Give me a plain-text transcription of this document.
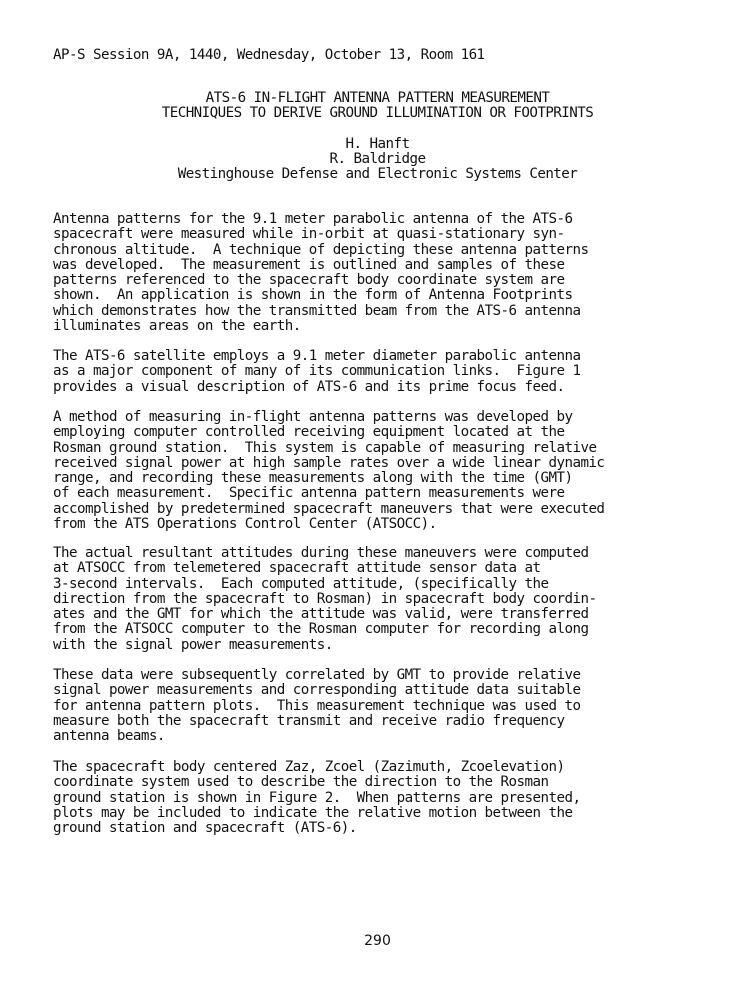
AP-S Session 9A, 1440, Wednesday, October 13, Room 161
ATS-6 IN-FLIGHT ANTENNA PATTERN MEASUREMENT
TECHNIQUES TO DERIVE GROUND ILLUMINATION OR FOOTPRINTS
H. Hanft
R. Baldridge
Westinghouse Defense and Electronic Systems Center
Antenna patterns for the 9.1 meter parabolic antenna of the ATS-6
spacecraft were measured while in-orbit at quasi-stationary syn-
chronous altitude.  A technique of depicting these antenna patterns
was developed.  The measurement is outlined and samples of these
patterns referenced to the spacecraft body coordinate system are
shown.  An application is shown in the form of Antenna Footprints
which demonstrates how the transmitted beam from the ATS-6 antenna
illuminates areas on the earth.
The ATS-6 satellite employs a 9.1 meter diameter parabolic antenna
as a major component of many of its communication links.  Figure 1
provides a visual description of ATS-6 and its prime focus feed.
A method of measuring in-flight antenna patterns was developed by
employing computer controlled receiving equipment located at the
Rosman ground station.  This system is capable of measuring relative
received signal power at high sample rates over a wide linear dynamic
range, and recording these measurements along with the time (GMT)
of each measurement.  Specific antenna pattern measurements were
accomplished by predetermined spacecraft maneuvers that were executed
from the ATS Operations Control Center (ATSOCC).
The actual resultant attitudes during these maneuvers were computed
at ATSOCC from telemetered spacecraft attitude sensor data at
3-second intervals.  Each computed attitude, (specifically the
direction from the spacecraft to Rosman) in spacecraft body coordin-
ates and the GMT for which the attitude was valid, were transferred
from the ATSOCC computer to the Rosman computer for recording along
with the signal power measurements.
These data were subsequently correlated by GMT to provide relative
signal power measurements and corresponding attitude data suitable
for antenna pattern plots.  This measurement technique was used to
measure both the spacecraft transmit and receive radio frequency
antenna beams.
The spacecraft body centered Zaz, Zcoel (Zazimuth, Zcoelevation)
coordinate system used to describe the direction to the Rosman
ground station is shown in Figure 2.  When patterns are presented,
plots may be included to indicate the relative motion between the
ground station and spacecraft (ATS-6).
290
